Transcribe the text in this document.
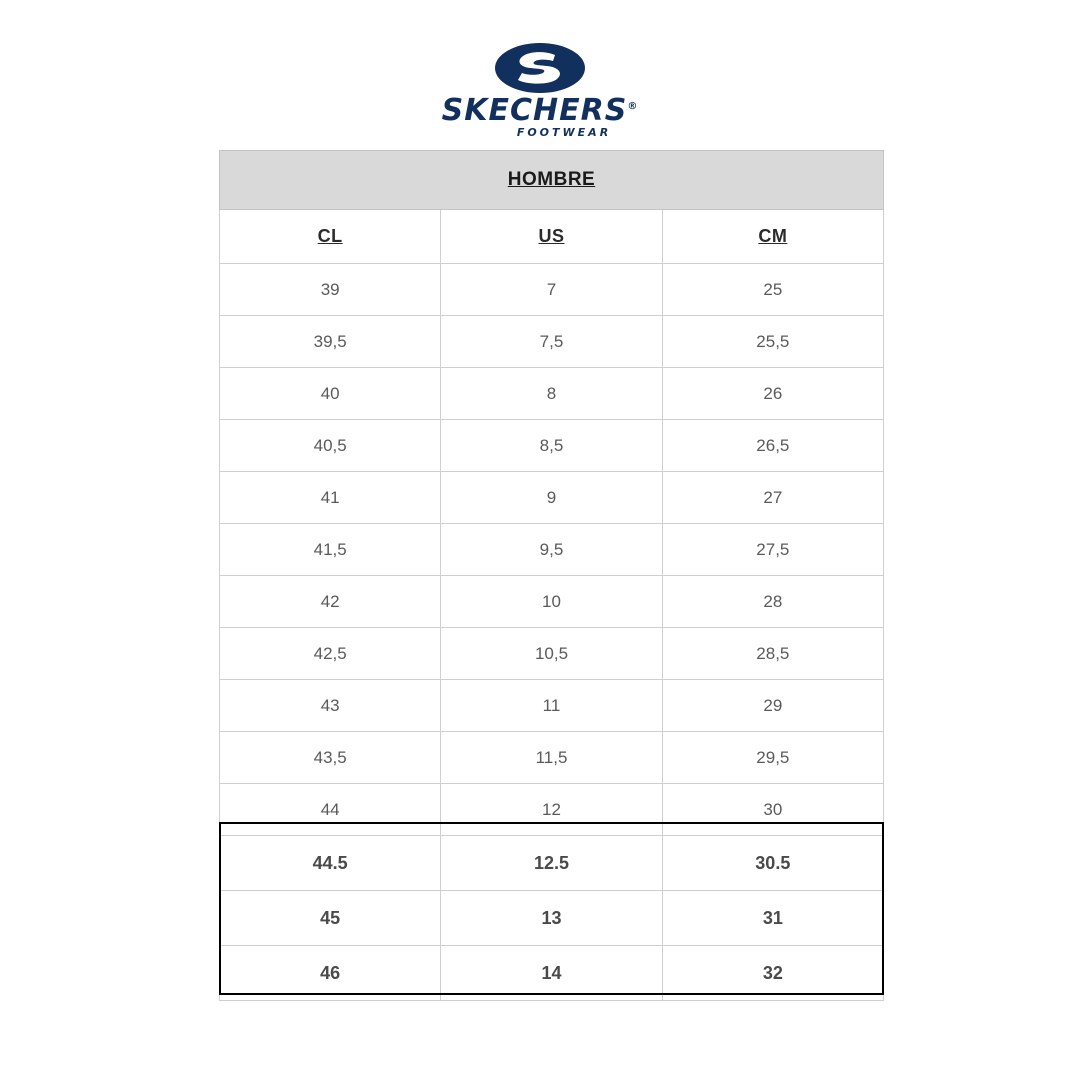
SKECHERS®
FOOTWEAR
HOMBRE		
CL	US	CM
39	7	25
39,5	7,5	25,5
40	8	26
40,5	8,5	26,5
41	9	27
41,5	9,5	27,5
42	10	28
42,5	10,5	28,5
43	11	29
43,5	11,5	29,5
44	12	30
44.5	12.5	30.5
45	13	31
46	14	32
